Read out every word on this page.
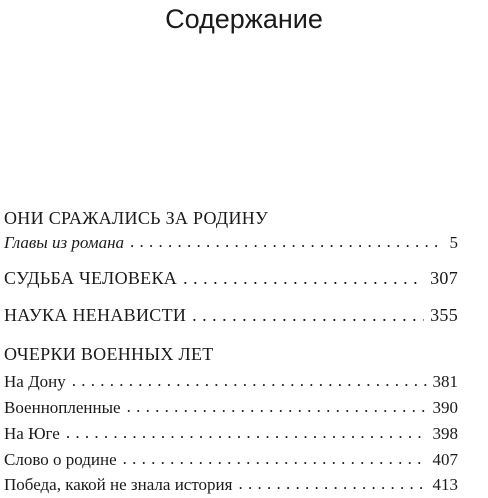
Содержание
ОНИ СРАЖАЛИСЬ ЗА РОДИНУ
Главы из романа . . .	5
СУДЬБА ЧЕЛОВЕКА . . .	307
НАУКА НЕНАВИСТИ . . .	355
ОЧЕРКИ ВОЕННЫХ ЛЕТ
На Дону . . .	381
Военнопленные . . .	390
На Юге . . .	398
Слово о родине . . .	407
Победа, какой не знала история . . .	413
